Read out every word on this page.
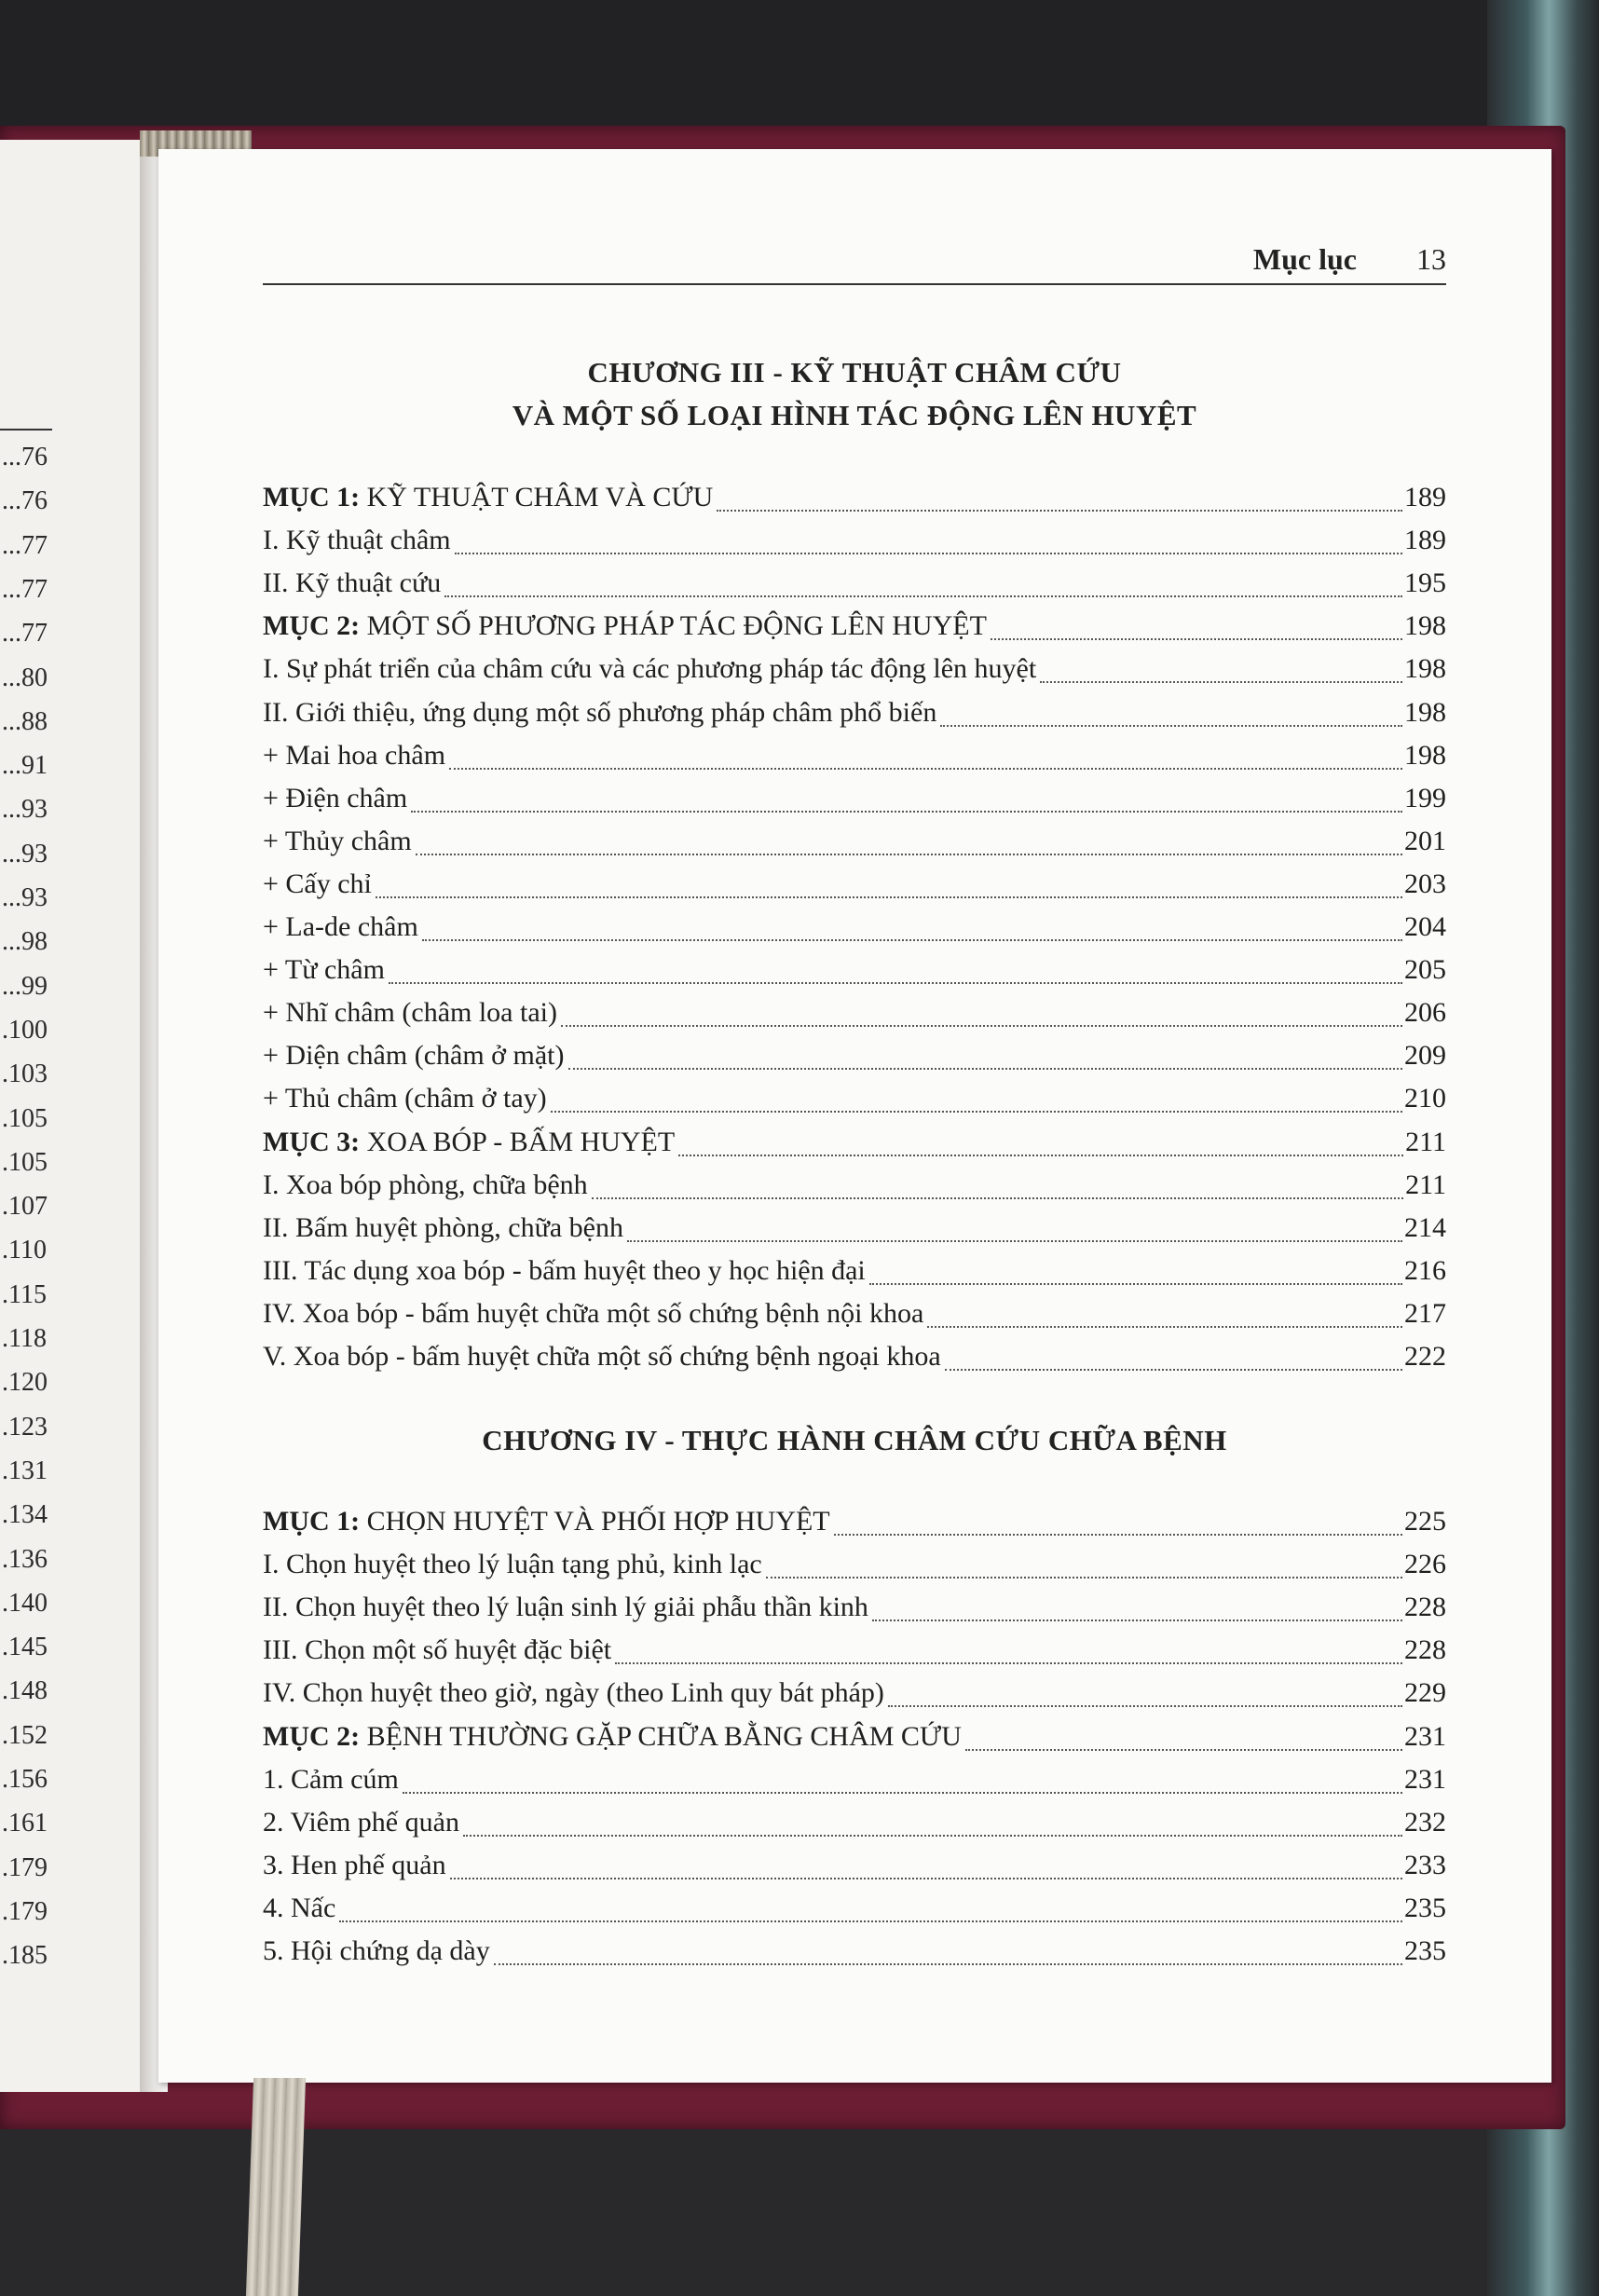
...76
...76
...77
...77
...77
...80
...88
...91
...93
...93
...93
...98
...99
.100
.103
.105
.105
.107
.110
.115
.118
.120
.123
.131
.134
.136
.140
.145
.148
.152
.156
.161
.179
.179
.185
Mục lục 13
CHƯƠNG III - KỸ THUẬT CHÂM CỨU
VÀ MỘT SỐ LOẠI HÌNH TÁC ĐỘNG LÊN HUYỆT
CHƯƠNG IV - THỰC HÀNH CHÂM CỨU CHỮA BỆNH
MỤC 1: KỸ THUẬT CHÂM VÀ CỨU	189
I. Kỹ thuật châm	189
II. Kỹ thuật cứu	195
MỤC 2: MỘT SỐ PHƯƠNG PHÁP TÁC ĐỘNG LÊN HUYỆT	198
I. Sự phát triển của châm cứu và các phương pháp tác động lên huyệt	198
II. Giới thiệu, ứng dụng một số phương pháp châm phổ biến	198
+ Mai hoa châm	198
+ Điện châm	199
+ Thủy châm	201
+ Cấy chỉ	203
+ La-de châm	204
+ Từ châm	205
+ Nhĩ châm (châm loa tai)	206
+ Diện châm (châm ở mặt)	209
+ Thủ châm (châm ở tay)	210
MỤC 3: XOA BÓP - BẤM HUYỆT	211
I. Xoa bóp phòng, chữa bệnh	211
II. Bấm huyệt phòng, chữa bệnh	214
III. Tác dụng xoa bóp - bấm huyệt theo y học hiện đại	216
IV. Xoa bóp - bấm huyệt chữa một số chứng bệnh nội khoa	217
V. Xoa bóp - bấm huyệt chữa một số chứng bệnh ngoại khoa	222
MỤC 1: CHỌN HUYỆT VÀ PHỐI HỢP HUYỆT	225
I. Chọn huyệt theo lý luận tạng phủ, kinh lạc	226
II. Chọn huyệt theo lý luận sinh lý giải phẫu thần kinh	228
III. Chọn một số huyệt đặc biệt	228
IV. Chọn huyệt theo giờ, ngày (theo Linh quy bát pháp)	229
MỤC 2: BỆNH THƯỜNG GẶP CHỮA BẰNG CHÂM CỨU	231
1. Cảm cúm	231
2. Viêm phế quản	232
3. Hen phế quản	233
4. Nấc	235
5. Hội chứng dạ dày	235
